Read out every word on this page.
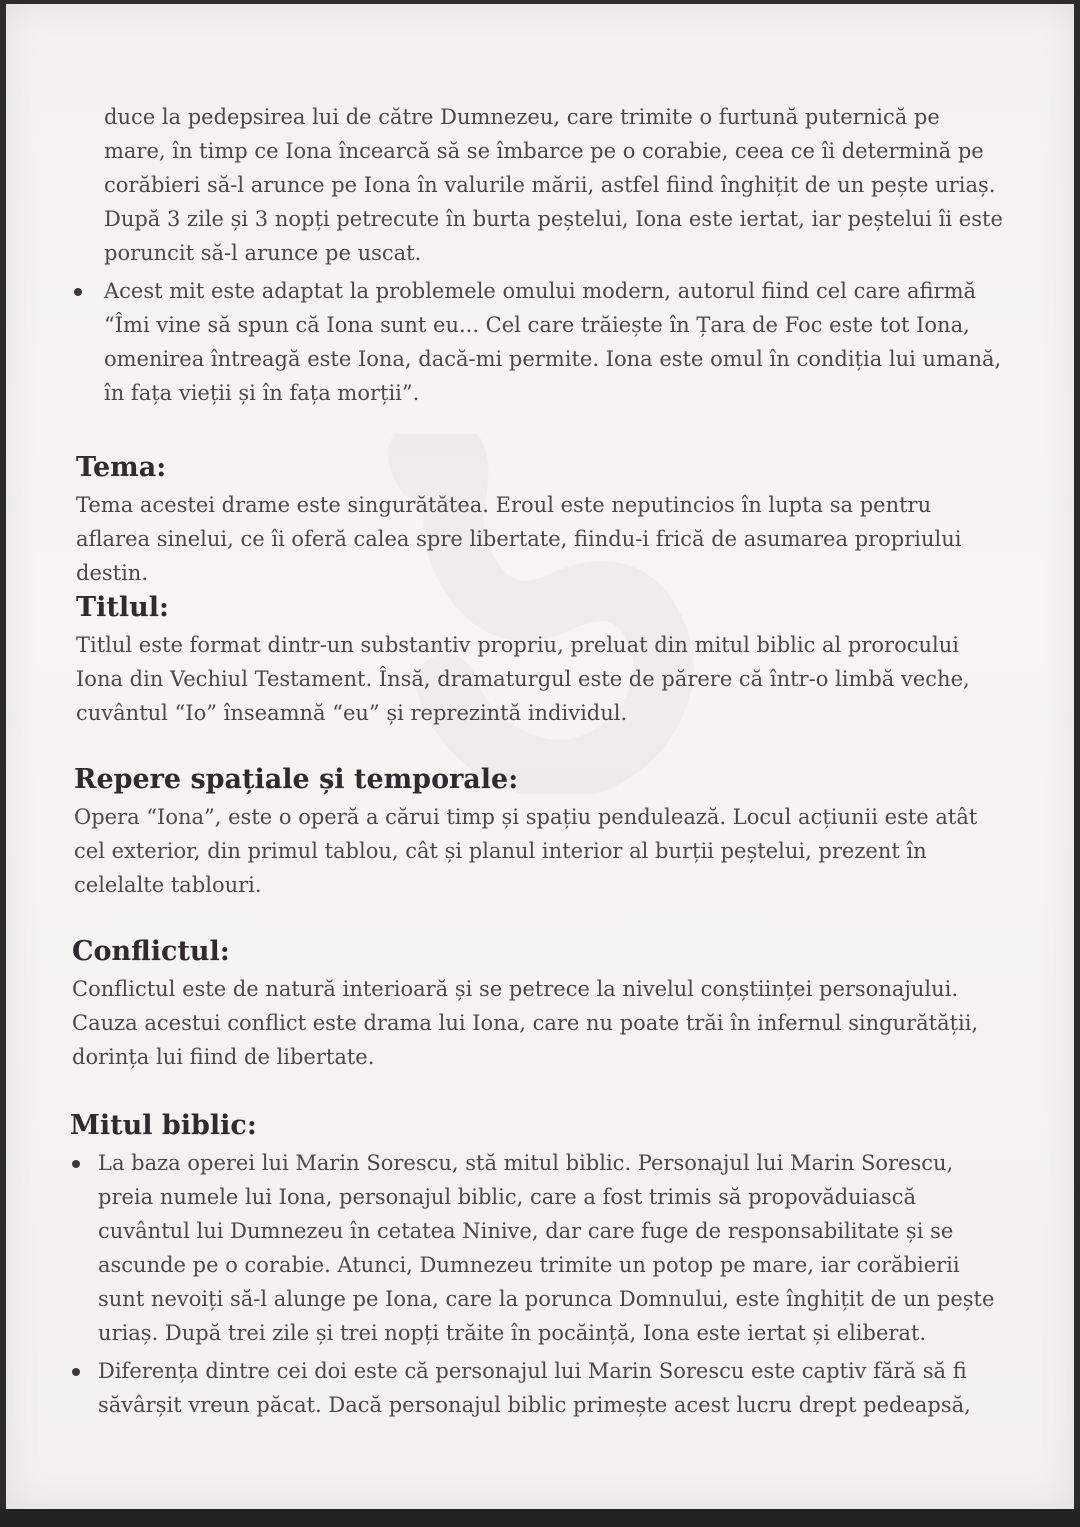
duce la pedepsirea lui de către Dumnezeu, care trimite o furtună puternică pe mare, în timp ce Iona încearcă să se îmbarce pe o corabie, ceea ce îi determină pe corăbieri să-l arunce pe Iona în valurile mării, astfel fiind înghițit de un pește uriaș. După 3 zile și 3 nopți petrecute în burta peștelui, Iona este iertat, iar peștelui îi este poruncit să-l arunce pe uscat.

Acest mit este adaptat la problemele omului modern, autorul fiind cel care afirmă “Îmi vine să spun că Iona sunt eu... Cel care trăiește în Țara de Foc este tot Iona, omenirea întreagă este Iona, dacă-mi permite. Iona este omul în condiția lui umană, în fața vieții și în fața morții”.
Tema:

Tema acestei drame este singurătătea. Eroul este neputincios în lupta sa pentru aflarea sinelui, ce îi oferă calea spre libertate, fiindu-i frică de asumarea propriului destin.

Titlul:

Titlul este format dintr-un substantiv propriu, preluat din mitul biblic al prorocului Iona din Vechiul Testament. Însă, dramaturgul este de părere că într-o limbă veche, cuvântul “Io” înseamnă “eu” și reprezintă individul.

Repere spațiale și temporale:

Opera “Iona”, este o operă a cărui timp și spațiu pendulează. Locul acțiunii este atât cel exterior, din primul tablou, cât și planul interior al burții peștelui, prezent în celelalte tablouri.

Conflictul:

Conflictul este de natură interioară și se petrece la nivelul conștiinței personajului. Cauza acestui conflict este drama lui Iona, care nu poate trăi în infernul singurătății, dorința lui fiind de libertate.

Mitul biblic:
La baza operei lui Marin Sorescu, stă mitul biblic. Personajul lui Marin Sorescu, preia numele lui Iona, personajul biblic, care a fost trimis să propovăduiască cuvântul lui Dumnezeu în cetatea Ninive, dar care fuge de responsabilitate și se ascunde pe o corabie. Atunci, Dumnezeu trimite un potop pe mare, iar corăbierii sunt nevoiți să-l alunge pe Iona, care la porunca Domnului, este înghițit de un pește uriaș. După trei zile și trei nopți trăite în pocăință, Iona este iertat și eliberat.
Diferența dintre cei doi este că personajul lui Marin Sorescu este captiv fără să fi săvârșit vreun păcat. Dacă personajul biblic primește acest lucru drept pedeapsă,
